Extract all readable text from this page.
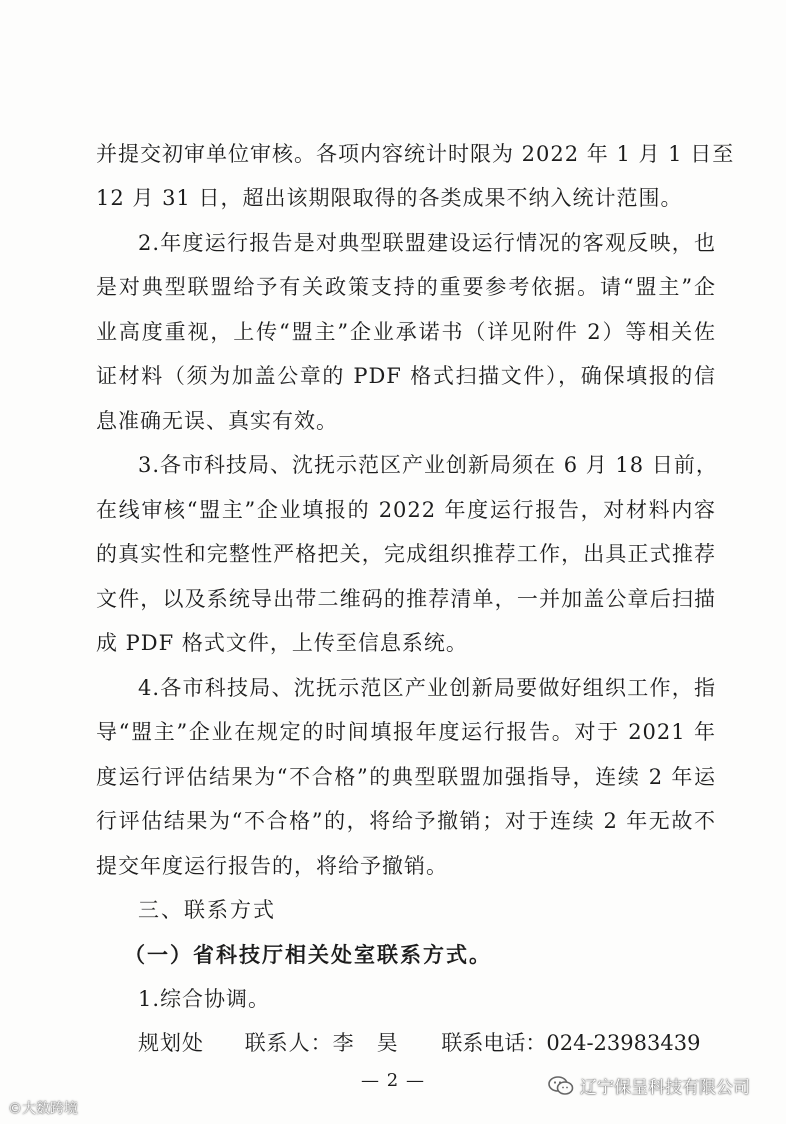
并提交初审单位审核。各项内容统计时限为 2022 年 1 月 1 日至
12 月 31 日，超出该期限取得的各类成果不纳入统计范围。
2.年度运行报告是对典型联盟建设运行情况的客观反映，也
是对典型联盟给予有关政策支持的重要参考依据。请“盟主”企
业高度重视，上传“盟主”企业承诺书（详见附件 2）等相关佐
证材料（须为加盖公章的 PDF 格式扫描文件），确保填报的信
息准确无误、真实有效。
3.各市科技局、沈抚示范区产业创新局须在 6 月 18 日前，
在线审核“盟主”企业填报的 2022 年度运行报告，对材料内容
的真实性和完整性严格把关，完成组织推荐工作，出具正式推荐
文件，以及系统导出带二维码的推荐清单，一并加盖公章后扫描
成 PDF 格式文件，上传至信息系统。
4.各市科技局、沈抚示范区产业创新局要做好组织工作，指
导“盟主”企业在规定的时间填报年度运行报告。对于 2021 年
度运行评估结果为“不合格”的典型联盟加强指导，连续 2 年运
行评估结果为“不合格”的，将给予撤销；对于连续 2 年无故不
提交年度运行报告的，将给予撤销。
三、联系方式
（一）省科技厅相关处室联系方式。
1.综合协调。
规划处 联系人：李　昊 联系电话：024-23983439
— 2 —
©大数跨境
辽宁保呈科技有限公司
